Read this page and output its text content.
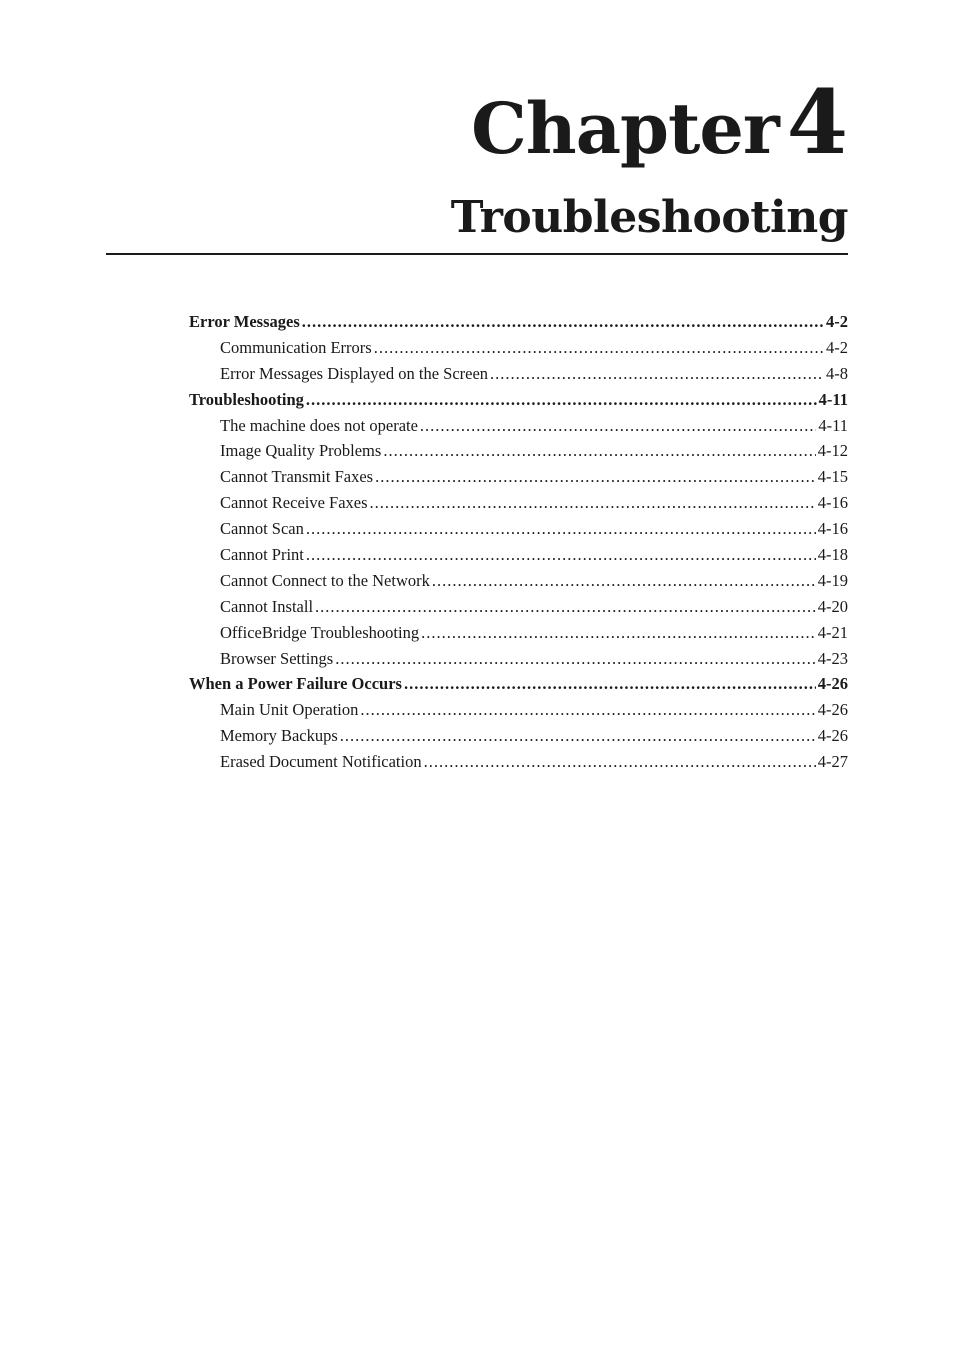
Chapter4
Troubleshooting
Error Messages .....	4-2
Communication Errors .....	4-2
Error Messages Displayed on the Screen .....	4-8
Troubleshooting .....	4-11
The machine does not operate .....	4-11
Image Quality Problems .....	4-12
Cannot Transmit Faxes .....	4-15
Cannot Receive Faxes .....	4-16
Cannot Scan .....	4-16
Cannot Print .....	4-18
Cannot Connect to the Network .....	4-19
Cannot Install .....	4-20
OfficeBridge Troubleshooting .....	4-21
Browser Settings .....	4-23
When a Power Failure Occurs .....	4-26
Main Unit Operation .....	4-26
Memory Backups .....	4-26
Erased Document Notification .....	4-27
